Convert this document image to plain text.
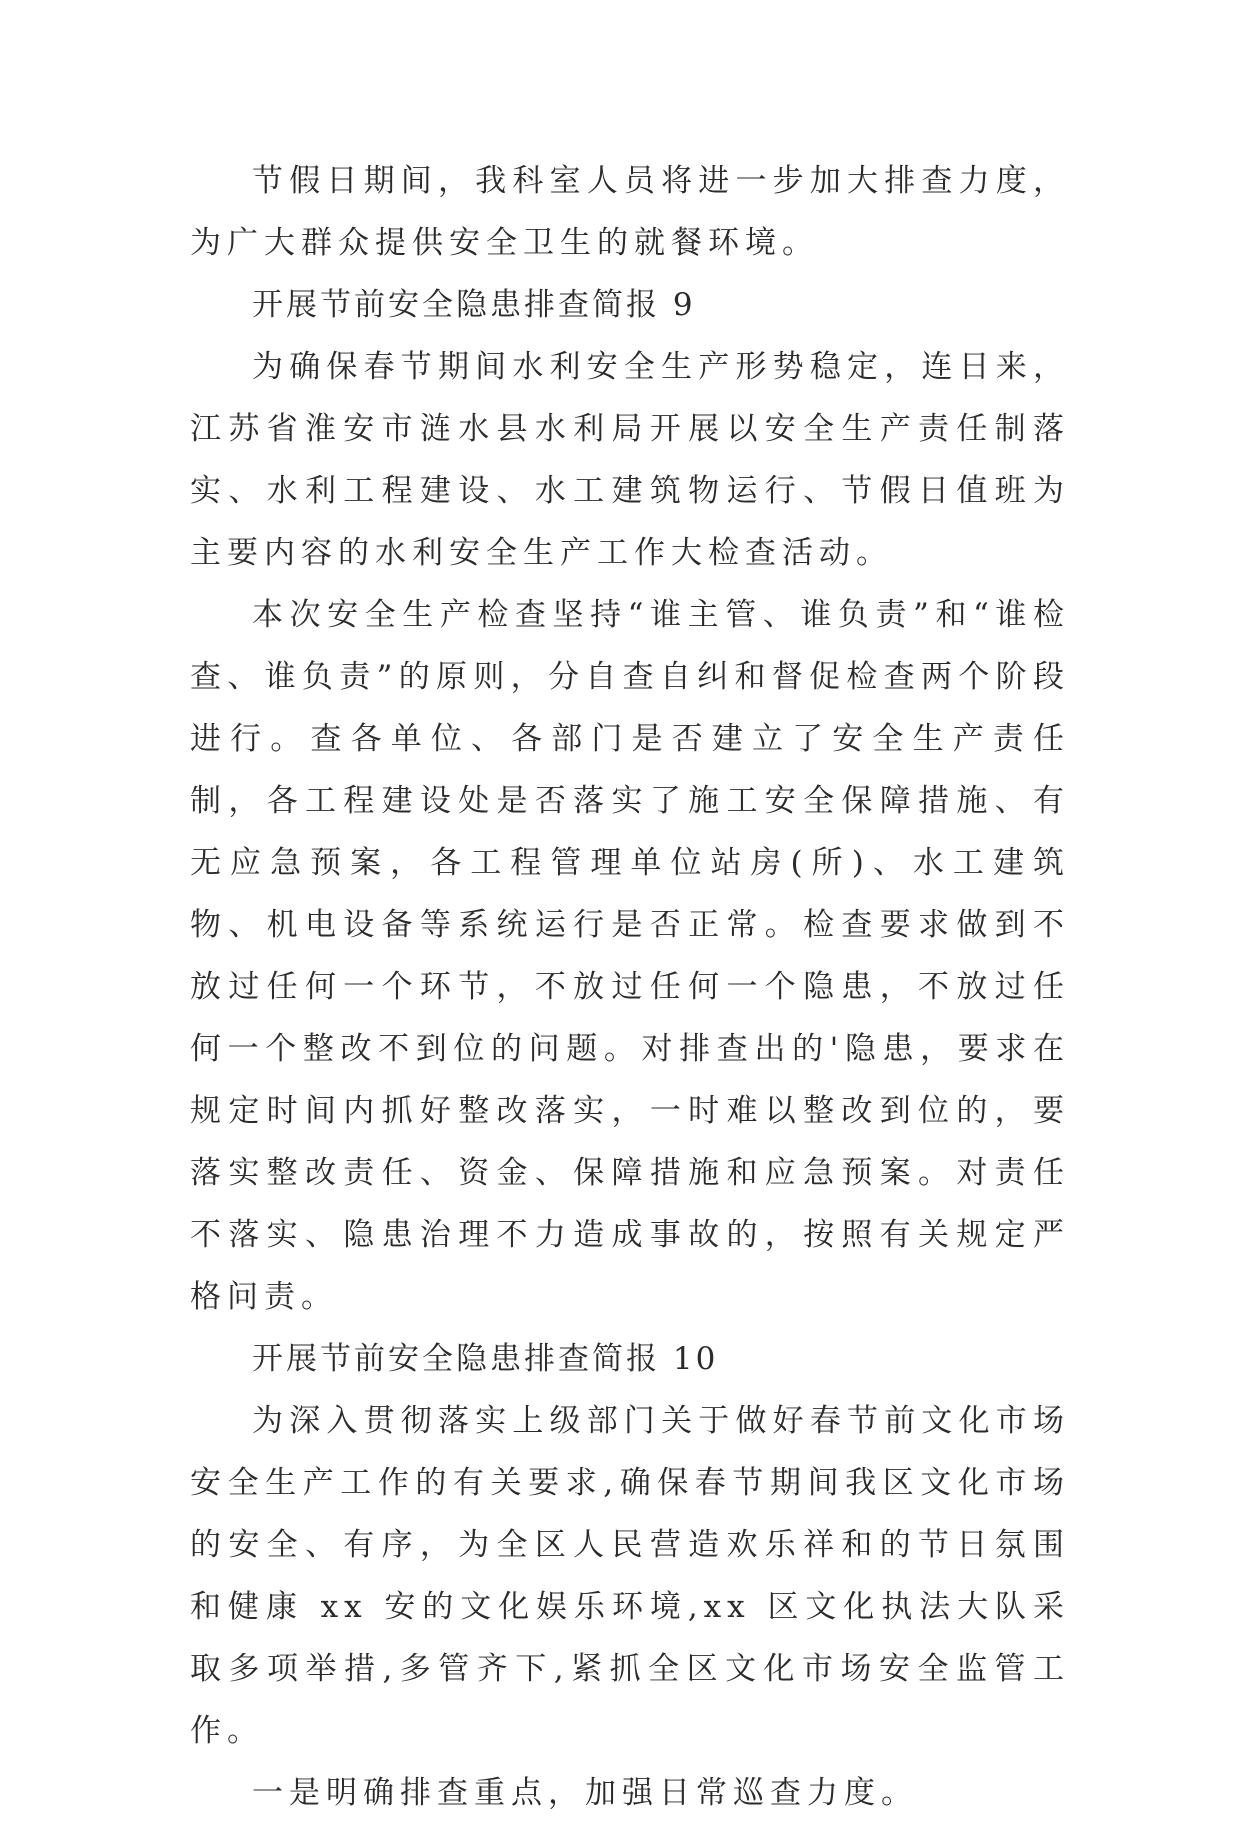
节假日期间，我科室人员将进一步加大排查力度，为广大群众提供安全卫生的就餐环境。

开展节前安全隐患排查简报 9

为确保春节期间水利安全生产形势稳定，连日来，江苏省淮安市涟水县水利局开展以安全生产责任制落实、水利工程建设、水工建筑物运行、节假日值班为主要内容的水利安全生产工作大检查活动。

本次安全生产检查坚持“谁主管、谁负责”和“谁检查、谁负责”的原则，分自查自纠和督促检查两个阶段进行。查各单位、各部门是否建立了安全生产责任制，各工程建设处是否落实了施工安全保障措施、有无应急预案，各工程管理单位站房(所)、水工建筑物、机电设备等系统运行是否正常。检查要求做到不放过任何一个环节，不放过任何一个隐患，不放过任何一个整改不到位的问题。对排查出的'隐患，要求在规定时间内抓好整改落实，一时难以整改到位的，要落实整改责任、资金、保障措施和应急预案。对责任不落实、隐患治理不力造成事故的，按照有关规定严格问责。

开展节前安全隐患排查简报 10

为深入贯彻落实上级部门关于做好春节前文化市场安全生产工作的有关要求,确保春节期间我区文化市场的安全、有序，为全区人民营造欢乐祥和的节日氛围和健康 xx 安的文化娱乐环境,xx 区文化执法大队采取多项举措,多管齐下,紧抓全区文化市场安全监管工作。

一是明确排查重点，加强日常巡查力度。
